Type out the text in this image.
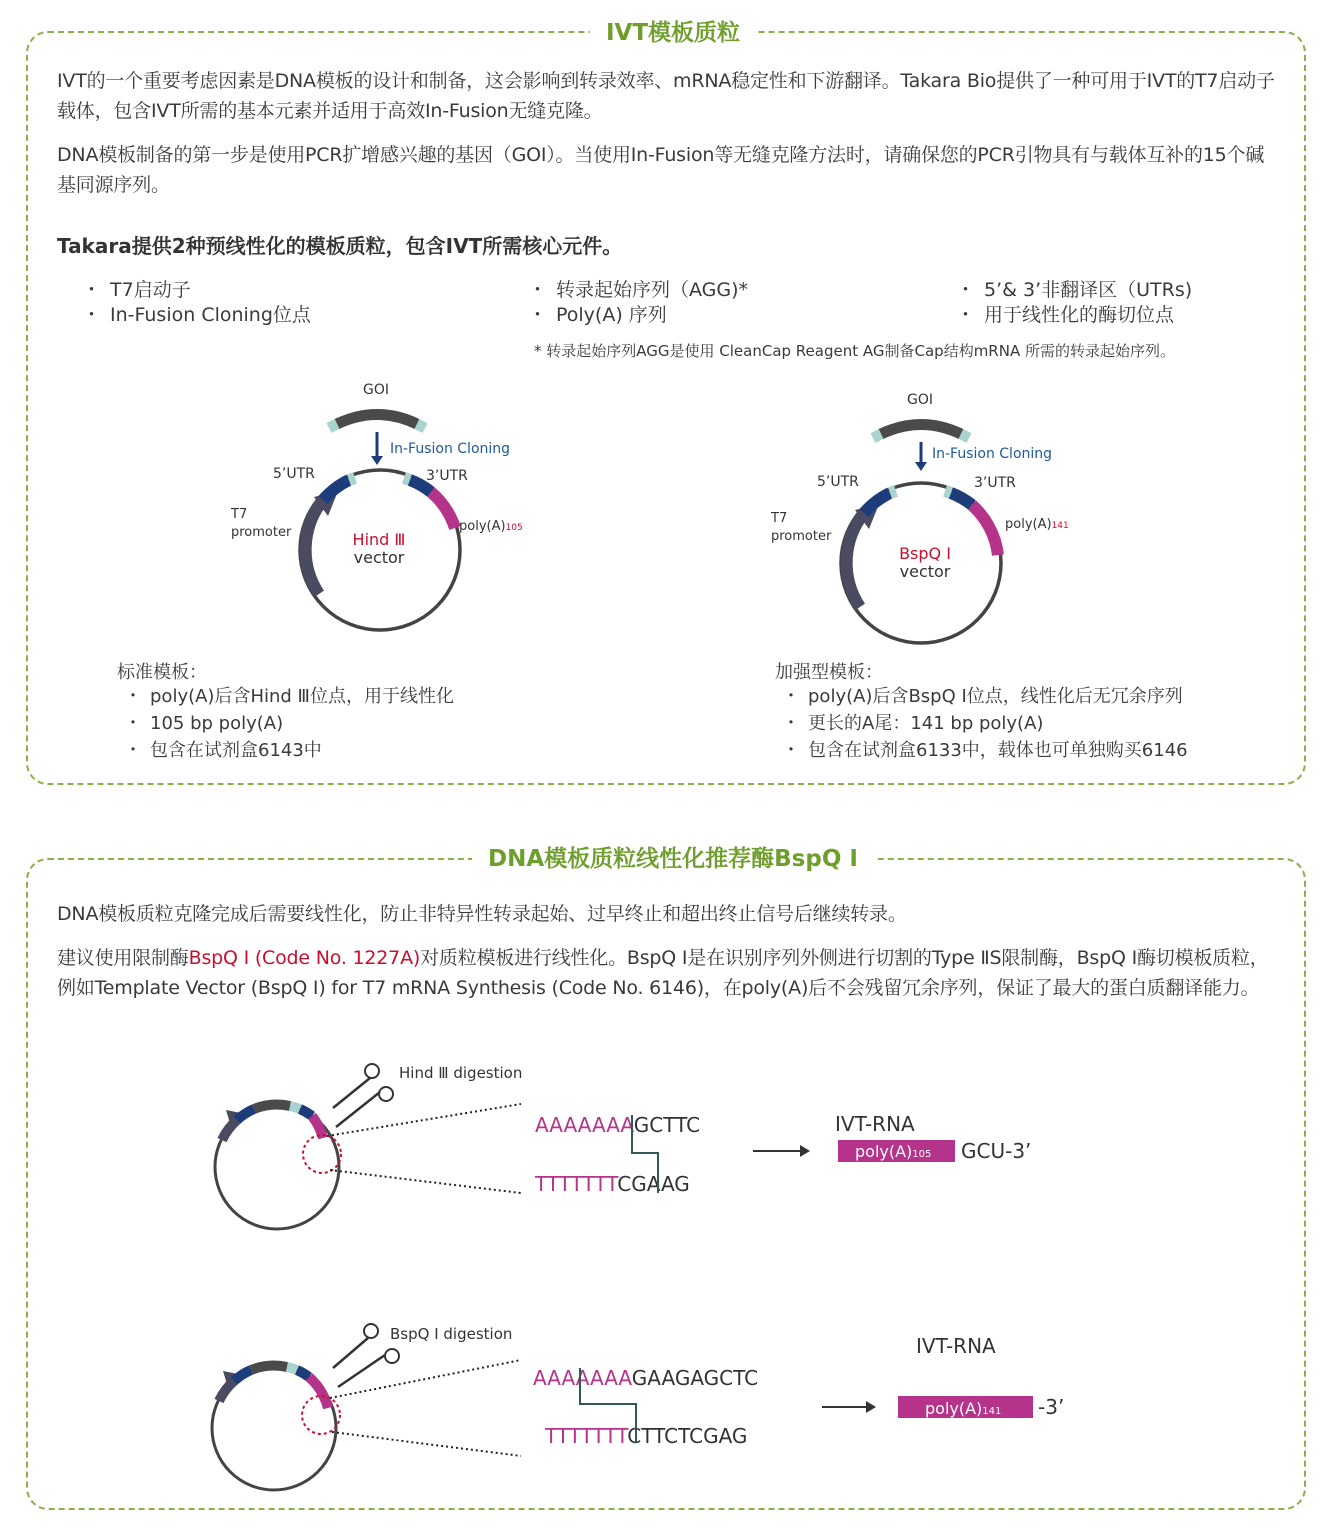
IVT模板质粒
IVT的一个重要考虑因素是DNA模板的设计和制备，这会影响到转录效率、mRNA稳定性和下游翻译。Takara Bio提供了一种可用于IVT的T7启动子载体，包含IVT所需的基本元素并适用于高效In-Fusion无缝克隆。
DNA模板制备的第一步是使用PCR扩增感兴趣的基因（GOI）。当使用In-Fusion等无缝克隆方法时，请确保您的PCR引物具有与载体互补的15个碱基同源序列。
Takara提供2种预线性化的模板质粒，包含IVT所需核心元件。
・ T7启动子
・ In-Fusion Cloning位点
・ 转录起始序列（AGG)*
・ Poly(A) 序列
・ 5’& 3’非翻译区（UTRs)
・ 用于线性化的酶切位点
* 转录起始序列AGG是使用 CleanCap Reagent AG制备Cap结构mRNA 所需的转录起始序列。
GOI
In-Fusion Cloning
5’UTR	3’UTR
T7
promoter	poly(A)105
Hind Ⅲ
vector
GOI
In-Fusion Cloning
5’UTR	3’UTR
T7
promoter
poly(A)141
BspQ Ⅰ
vector
标准模板：
・ poly(A)后含Hind Ⅲ位点，用于线性化
・ 105 bp poly(A)
・ 包含在试剂盒6143中
加强型模板：
・ poly(A)后含BspQ Ⅰ位点，线性化后无冗余序列
・ 更长的A尾：141 bp poly(A)
・ 包含在试剂盒6133中，载体也可单独购买6146
DNA模板质粒线性化推荐酶BspQ Ⅰ
DNA模板质粒克隆完成后需要线性化，防止非特异性转录起始、过早终止和超出终止信号后继续转录。
建议使用限制酶BspQ Ⅰ (Code No. 1227A)对质粒模板进行线性化。BspQ Ⅰ是在识别序列外侧进行切割的Type ⅡS限制酶，BspQ Ⅰ酶切模板质粒，例如Template Vector (BspQ Ⅰ) for T7 mRNA Synthesis (Code No. 6146)，在poly(A)后不会残留冗余序列，保证了最大的蛋白质翻译能力。
Hind Ⅲ digestion
AAAAAAAGCTTC
TTTTTTTCGAAG
IVT-RNA
poly(A)105 GCU-3’
BspQ Ⅰ digestion
AAAAAAAGAAGAGCTC
TTTTTTTCTTCTCGAG
IVT-RNA
poly(A)141 -3’
